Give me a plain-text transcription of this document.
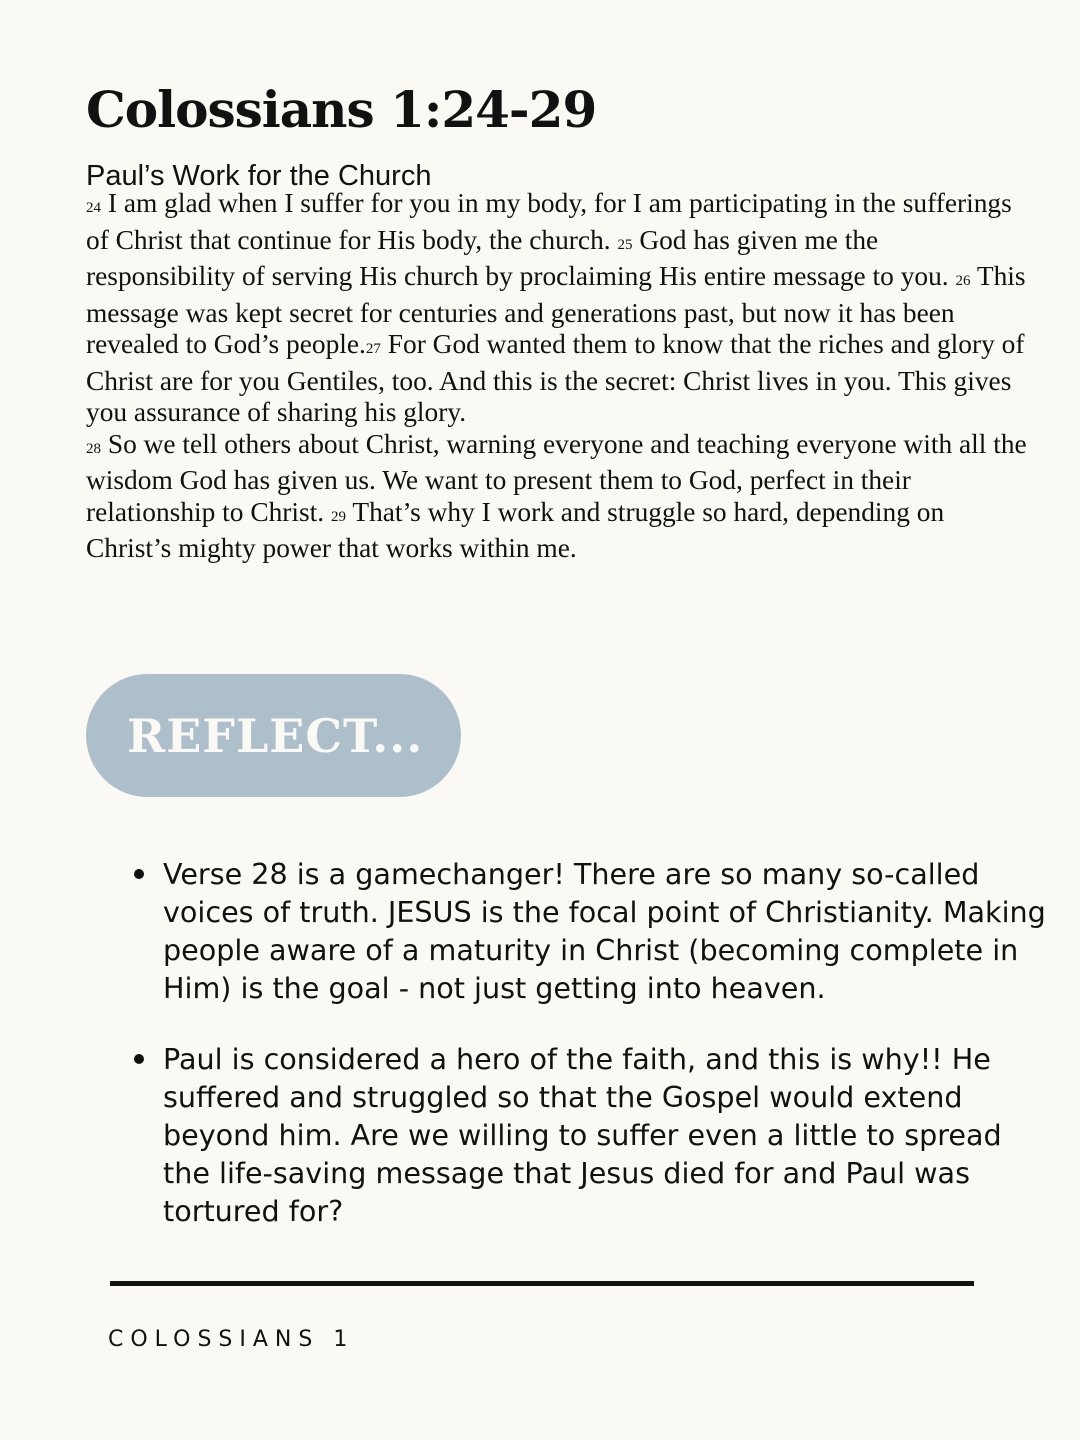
Colossians 1:24-29
Paul’s Work for the Church

24 I am glad when I suffer for you in my body, for I am participating in the sufferings of Christ that continue for His body, the church. 25 God has given me the responsibility of serving His church by proclaiming His entire message to you. 26 This message was kept secret for centuries and generations past, but now it has been revealed to God’s people.27 For God wanted them to know that the riches and glory of Christ are for you Gentiles, too. And this is the secret: Christ lives in you. This gives you assurance of sharing his glory.

28 So we tell others about Christ, warning everyone and teaching everyone with all the wisdom God has given us. We want to present them to God, perfect in their relationship to Christ. 29 That’s why I work and struggle so hard, depending on Christ’s mighty power that works within me.

REFLECT...
Verse 28 is a gamechanger! There are so many so-called voices of truth. JESUS is the focal point of Christianity. Making people aware of a maturity in Christ (becoming complete in Him) is the goal - not just getting into heaven.
Paul is considered a hero of the faith, and this is why!! He suffered and struggled so that the Gospel would extend beyond him. Are we willing to suffer even a little to spread the life-saving message that Jesus died for and Paul was tortured for?
COLOSSIANS 1
